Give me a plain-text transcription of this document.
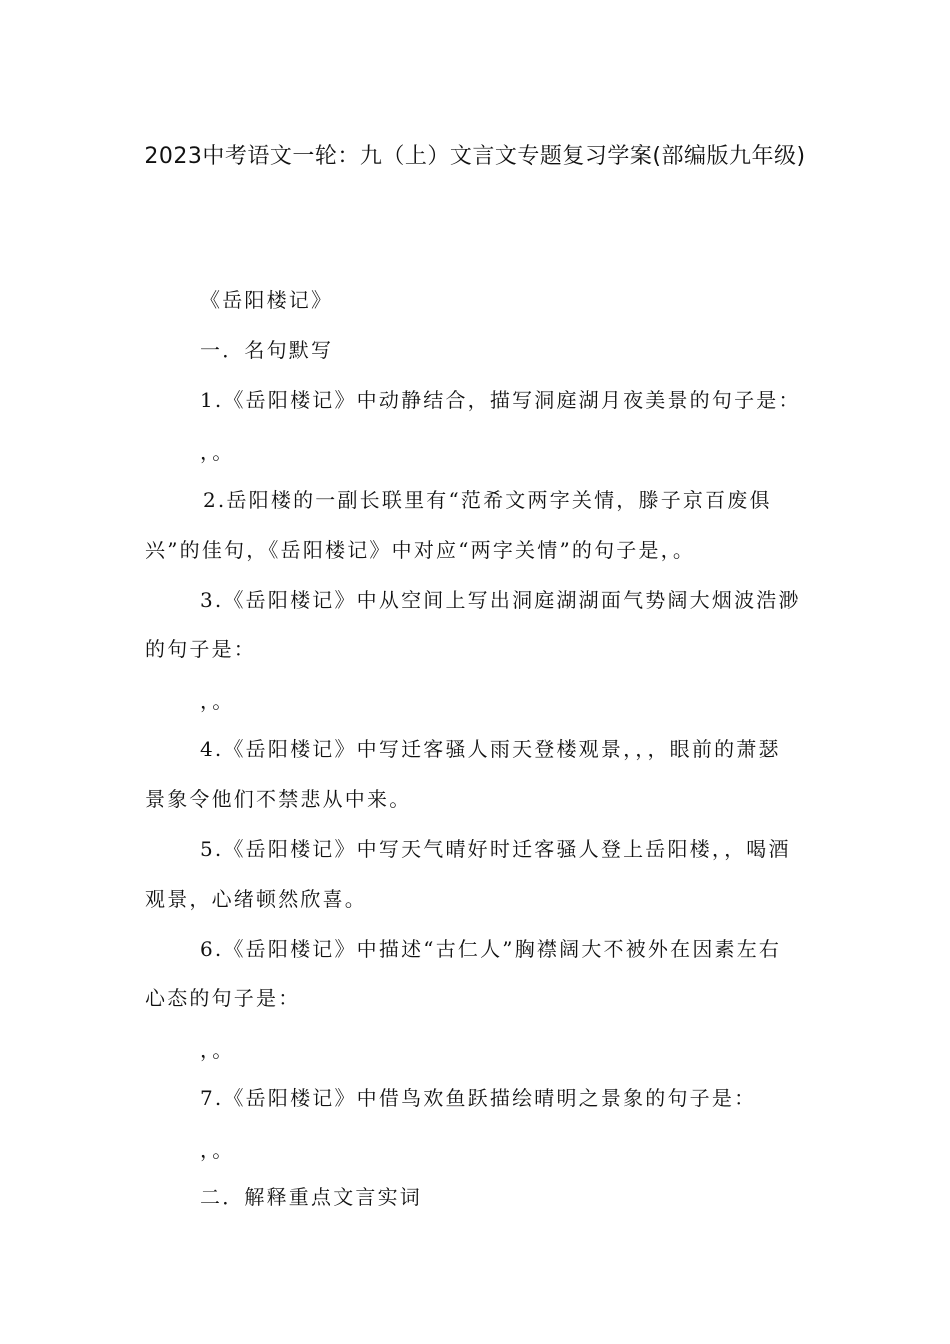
2023中考语文一轮：九（上）文言文专题复习学案(部编版九年级)
《岳阳楼记》
一．名句默写
1.《岳阳楼记》中动静结合，描写洞庭湖月夜美景的句子是：
，。
2.岳阳楼的一副长联里有“范希文两字关情，滕子京百废俱
兴”的佳句，《岳阳楼记》中对应“两字关情”的句子是，。
3.《岳阳楼记》中从空间上写出洞庭湖湖面气势阔大烟波浩渺
的句子是：
，。
4.《岳阳楼记》中写迁客骚人雨天登楼观景，，，眼前的萧瑟
景象令他们不禁悲从中来。
5.《岳阳楼记》中写天气晴好时迁客骚人登上岳阳楼，，喝酒
观景，心绪顿然欣喜。
6.《岳阳楼记》中描述“古仁人”胸襟阔大不被外在因素左右
心态的句子是：
，。
7.《岳阳楼记》中借鸟欢鱼跃描绘晴明之景象的句子是：
，。
二．解释重点文言实词
